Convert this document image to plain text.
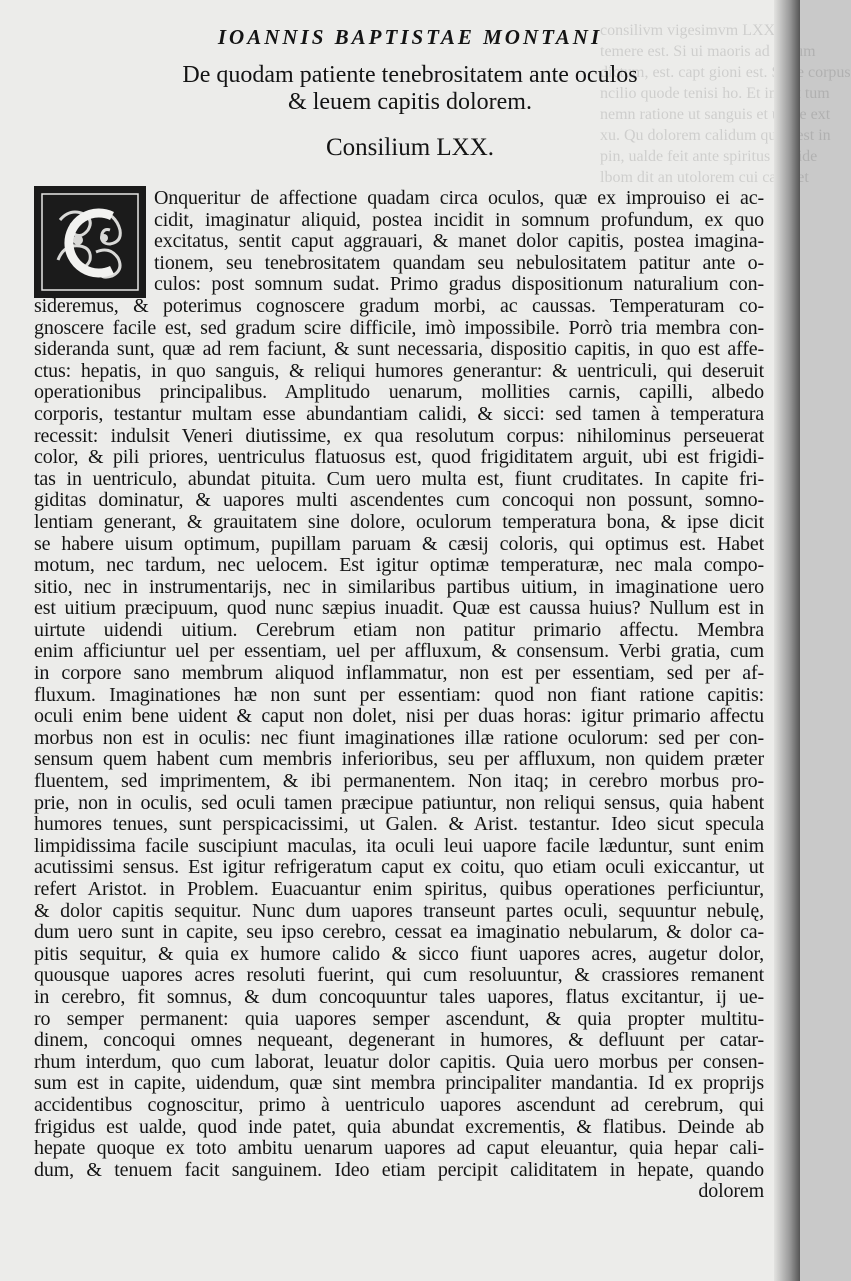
consilivm vigesimvm LXXIII
temere est. Si ui maoris ad ubrum
dictum, est. capt gioni est. Si de corpus
ncilio quode tenisi ho. Et inpeit tum
nemn ratione ut sanguis et ualde ext
xu. Qu dolorem calidum quod est in
pin, ualde feit ante spiritus et uide
lbom dit an utolorem cui calid et
IOANNIS BAPTISTAE MONTANI
De quodam patiente tenebrositatem ante oculos
& leuem capitis dolorem.
Consilium LXX.
Onqueritur de affectione quadam circa oculos, quæ ex improuiso ei ac-
cidit, imaginatur aliquid, postea incidit in somnum profundum, ex quo
excitatus, sentit caput aggrauari, & manet dolor capitis, postea imagina-
tionem, seu tenebrositatem quandam seu nebulositatem patitur ante o-
culos: post somnum sudat. Primo gradus dispositionum naturalium con-
sideremus, & poterimus cognoscere gradum morbi, ac caussas. Temperaturam co-
gnoscere facile est, sed gradum scire difficile, imò impossibile. Porrò tria membra con-
sideranda sunt, quæ ad rem faciunt, & sunt necessaria, dispositio capitis, in quo est affe-
ctus: hepatis, in quo sanguis, & reliqui humores generantur: & uentriculi, qui deseruit
operationibus principalibus. Amplitudo uenarum, mollities carnis, capilli, albedo
corporis, testantur multam esse abundantiam calidi, & sicci: sed tamen à temperatura
recessit: indulsit Veneri diutissime, ex qua resolutum corpus: nihilominus perseuerat
color, & pili priores, uentriculus flatuosus est, quod frigiditatem arguit, ubi est frigidi-
tas in uentriculo, abundat pituita. Cum uero multa est, fiunt cruditates. In capite fri-
giditas dominatur, & uapores multi ascendentes cum concoqui non possunt, somno-
lentiam generant, & grauitatem sine dolore, oculorum temperatura bona, & ipse dicit
se habere uisum optimum, pupillam paruam & cæsij coloris, qui optimus est. Habet
motum, nec tardum, nec uelocem. Est igitur optimæ temperaturæ, nec mala compo-
sitio, nec in instrumentarijs, nec in similaribus partibus uitium, in imaginatione uero
est uitium præcipuum, quod nunc sæpius inuadit. Quæ est caussa huius? Nullum est in
uirtute uidendi uitium. Cerebrum etiam non patitur primario affectu. Membra
enim afficiuntur uel per essentiam, uel per affluxum, & consensum. Verbi gratia, cum
in corpore sano membrum aliquod inflammatur, non est per essentiam, sed per af-
fluxum. Imaginationes hæ non sunt per essentiam: quod non fiant ratione capitis:
oculi enim bene uident & caput non dolet, nisi per duas horas: igitur primario affectu
morbus non est in oculis: nec fiunt imaginationes illæ ratione oculorum: sed per con-
sensum quem habent cum membris inferioribus, seu per affluxum, non quidem præter
fluentem, sed imprimentem, & ibi permanentem. Non itaq; in cerebro morbus pro-
prie, non in oculis, sed oculi tamen præcipue patiuntur, non reliqui sensus, quia habent
humores tenues, sunt perspicacissimi, ut Galen. & Arist. testantur. Ideo sicut specula
limpidissima facile suscipiunt maculas, ita oculi leui uapore facile læduntur, sunt enim
acutissimi sensus. Est igitur refrigeratum caput ex coitu, quo etiam oculi exiccantur, ut
refert Aristot. in Problem. Euacuantur enim spiritus, quibus operationes perficiuntur,
& dolor capitis sequitur. Nunc dum uapores transeunt partes oculi, sequuntur nebulę,
dum uero sunt in capite, seu ipso cerebro, cessat ea imaginatio nebularum, & dolor ca-
pitis sequitur, & quia ex humore calido & sicco fiunt uapores acres, augetur dolor,
quousque uapores acres resoluti fuerint, qui cum resoluuntur, & crassiores remanent
in cerebro, fit somnus, & dum concoquuntur tales uapores, flatus excitantur, ij ue-
ro semper permanent: quia uapores semper ascendunt, & quia propter multitu-
dinem, concoqui omnes nequeant, degenerant in humores, & defluunt per catar-
rhum interdum, quo cum laborat, leuatur dolor capitis. Quia uero morbus per consen-
sum est in capite, uidendum, quæ sint membra principaliter mandantia. Id ex proprijs
accidentibus cognoscitur, primo à uentriculo uapores ascendunt ad cerebrum, qui
frigidus est ualde, quod inde patet, quia abundat excrementis, & flatibus. Deinde ab
hepate quoque ex toto ambitu uenarum uapores ad caput eleuantur, quia hepar cali-
dum, & tenuem facit sanguinem. Ideo etiam percipit caliditatem in hepate, quando
dolorem
